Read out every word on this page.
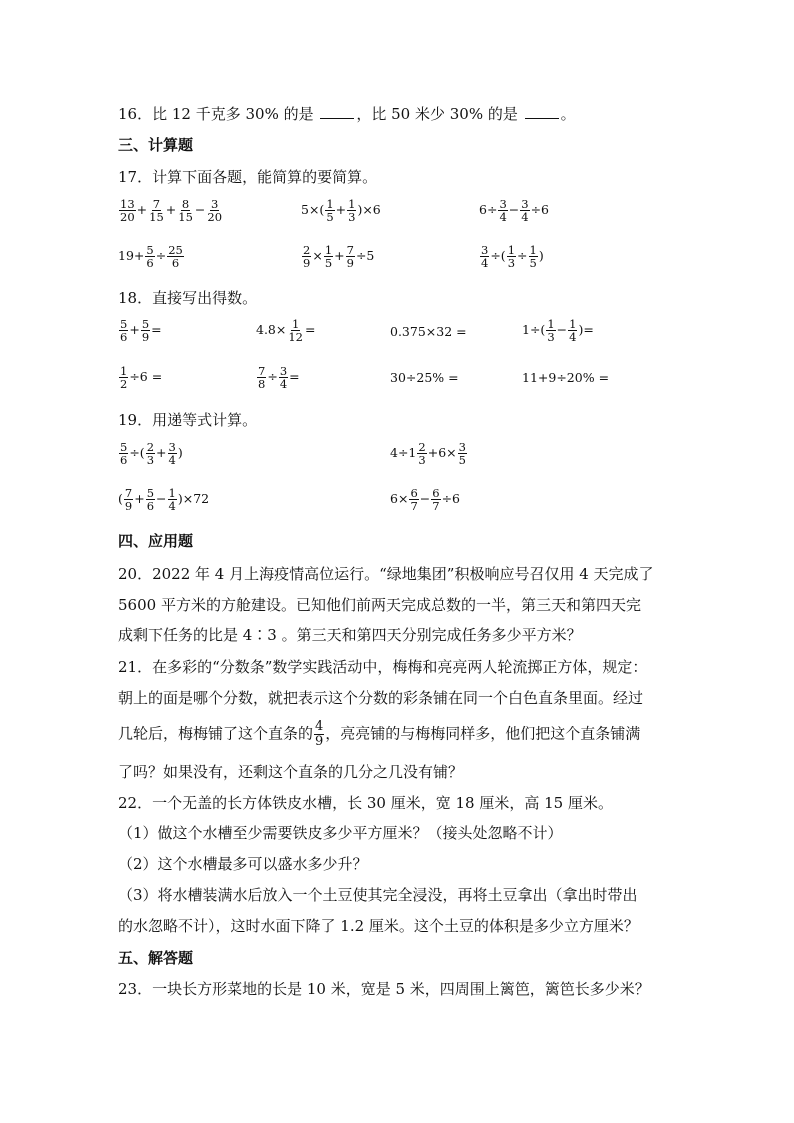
16．比 12 千克多 30% 的是	，比 50 米少 30% 的是	。
三、计算题
17．计算下面各题，能简算的要简算。
$\frac{13}{20} + \frac{7}{15} + \frac{8}{15} - \frac{3}{20}$	$5\times( \frac{1}{5} + \frac{1}{3} )\times 6$	$6\div \frac{3}{4} - \frac{3}{4} \div 6$
$19+ \frac{5}{6} \div \frac{25}{6}$	$\frac{2}{9} \times \frac{1}{5} + \frac{7}{9} \div 5$	$\frac{3}{4}$ ÷( $\frac{1}{3} \div \frac{1}{5}$ )
18．直接写出得数。
$\frac{5}{6} + \frac{5}{9}$ =	$4.8\times \frac{1}{12}$ =	0.375×32 =	$1\div( \frac{1}{3} - \frac{1}{4}$ )=
$\frac{1}{2} \div 6$ =	$\frac{7}{8} \div \frac{3}{4}$ =	30÷25% =	11+9÷20% =
19．用递等式计算。
$\frac{5}{6}$ ÷( $\frac{2}{3} + \frac{3}{4}$ )	$4\div 1 \frac{2}{3} +6\times \frac{3}{5}$
( $\frac{7}{9} + \frac{5}{6} - \frac{1}{4} )\times 72$	$6\times \frac{6}{7} - \frac{6}{7} \div 6$
四、应用题
20．2022 年 4 月上海疫情高位运行。“绿地集团”积极响应号召仅用 4 天完成了
5600 平方米的方舱建设。已知他们前两天完成总数的一半，第三天和第四天完
成剩下任务的比是 4∶3 。第三天和第四天分别完成任务多少平方米？
21．在多彩的“分数条”数学实践活动中，梅梅和亮亮两人轮流掷正方体，规定：
朝上的面是哪个分数，就把表示这个分数的彩条铺在同一个白色直条里面。经过
几轮后，梅梅铺了这个直条的 $\frac{4}{9}$ ，亮亮铺的与梅梅同样多，他们把这个直条铺满
了吗？如果没有，还剩这个直条的几分之几没有铺？
22．一个无盖的长方体铁皮水槽，长 30 厘米，宽 18 厘米，高 15 厘米。
（1）做这个水槽至少需要铁皮多少平方厘米？（接头处忽略不计）
（2）这个水槽最多可以盛水多少升？
（3）将水槽装满水后放入一个土豆使其完全浸没，再将土豆拿出（拿出时带出
的水忽略不计），这时水面下降了 1.2 厘米。这个土豆的体积是多少立方厘米？
五、解答题
23．一块长方形菜地的长是 10 米，宽是 5 米，四周围上篱笆，篱笆长多少米？
